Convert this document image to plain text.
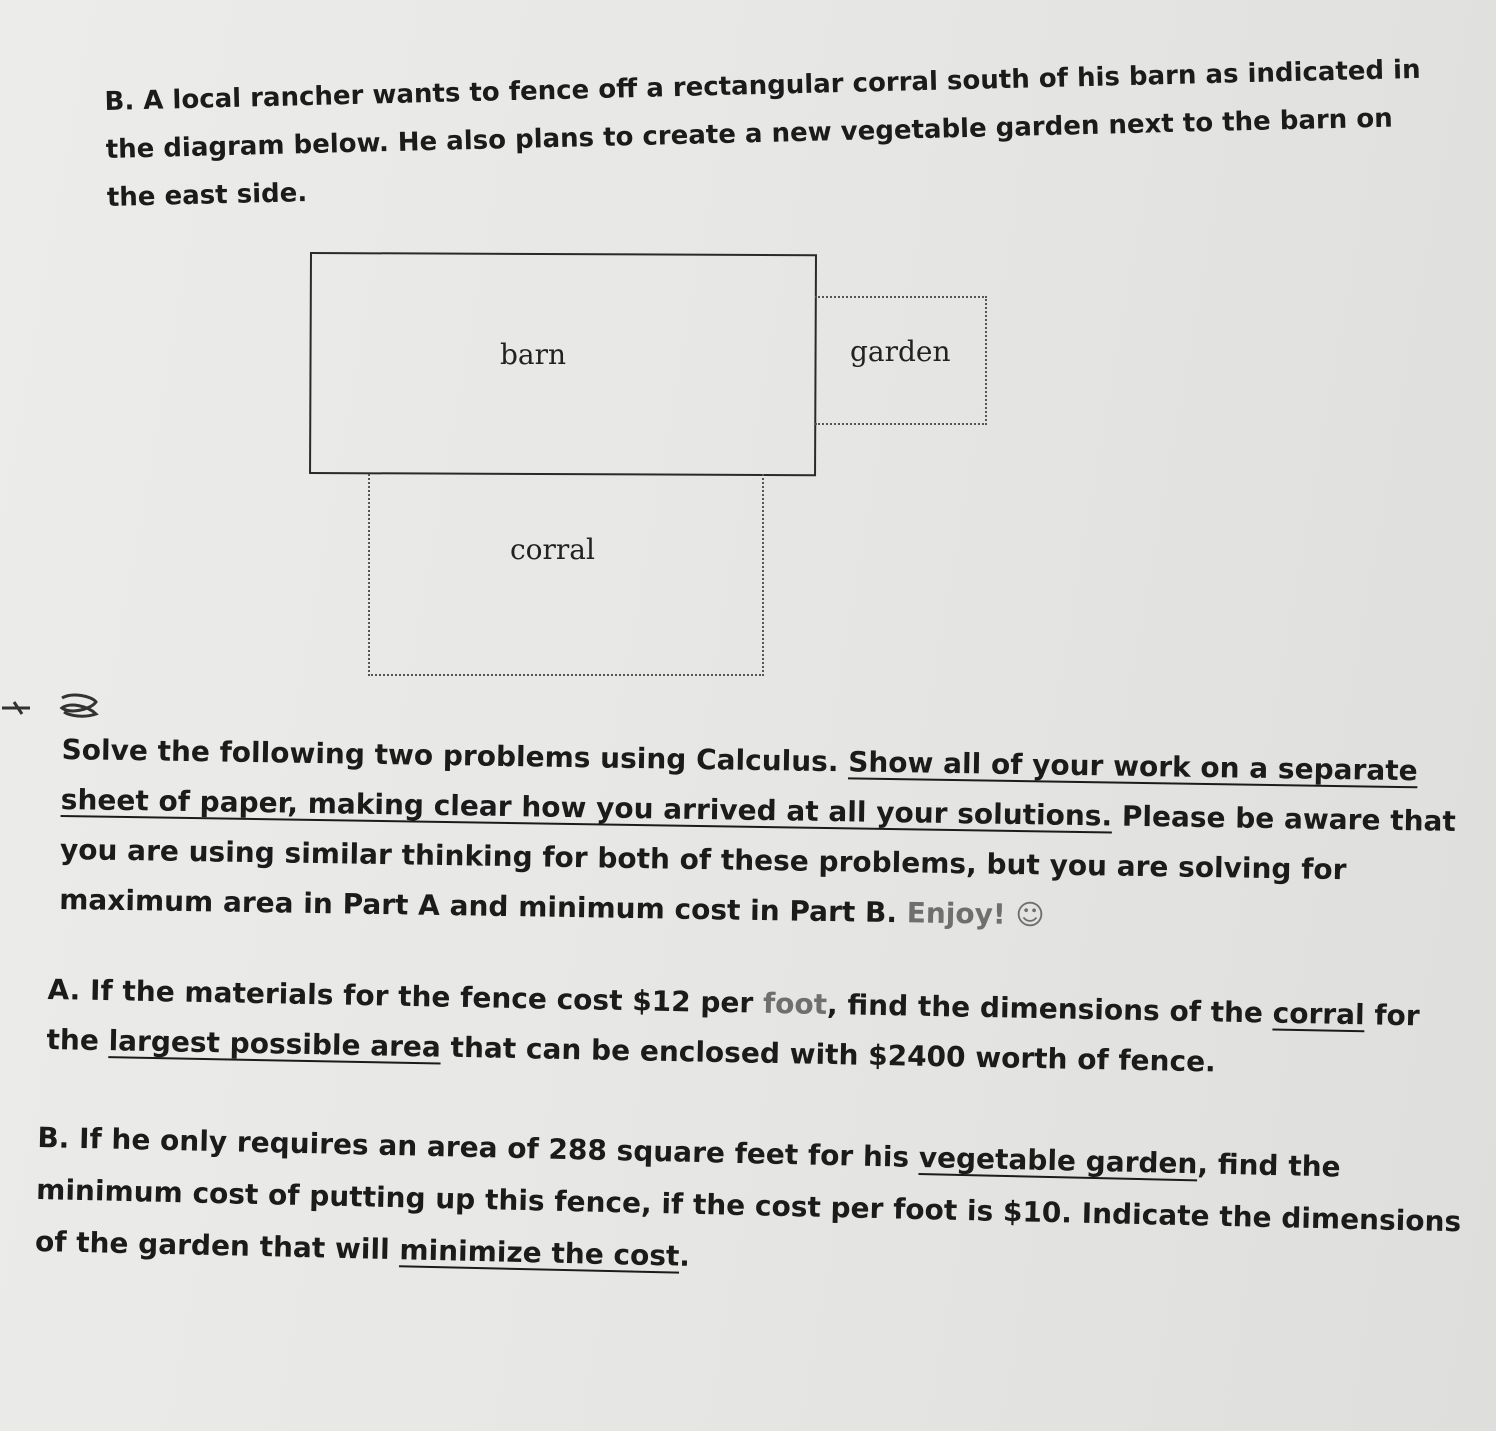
B. A local rancher wants to fence off a rectangular corral south of his barn as indicated in the diagram below. He also plans to create a new vegetable garden next to the barn on the east side.

barn	garden
corral

Solve the following two problems using Calculus. Show all of your work on a separate sheet of paper, making clear how you arrived at all your solutions. Please be aware that you are using similar thinking for both of these problems, but you are solving for maximum area in Part A and minimum cost in Part B. Enjoy! ☺

A. If the materials for the fence cost $12 per foot, find the dimensions of the corral for the largest possible area that can be enclosed with $2400 worth of fence.

B. If he only requires an area of 288 square feet for his vegetable garden, find the minimum cost of putting up this fence, if the cost per foot is $10. Indicate the dimensions of the garden that will minimize the cost.
